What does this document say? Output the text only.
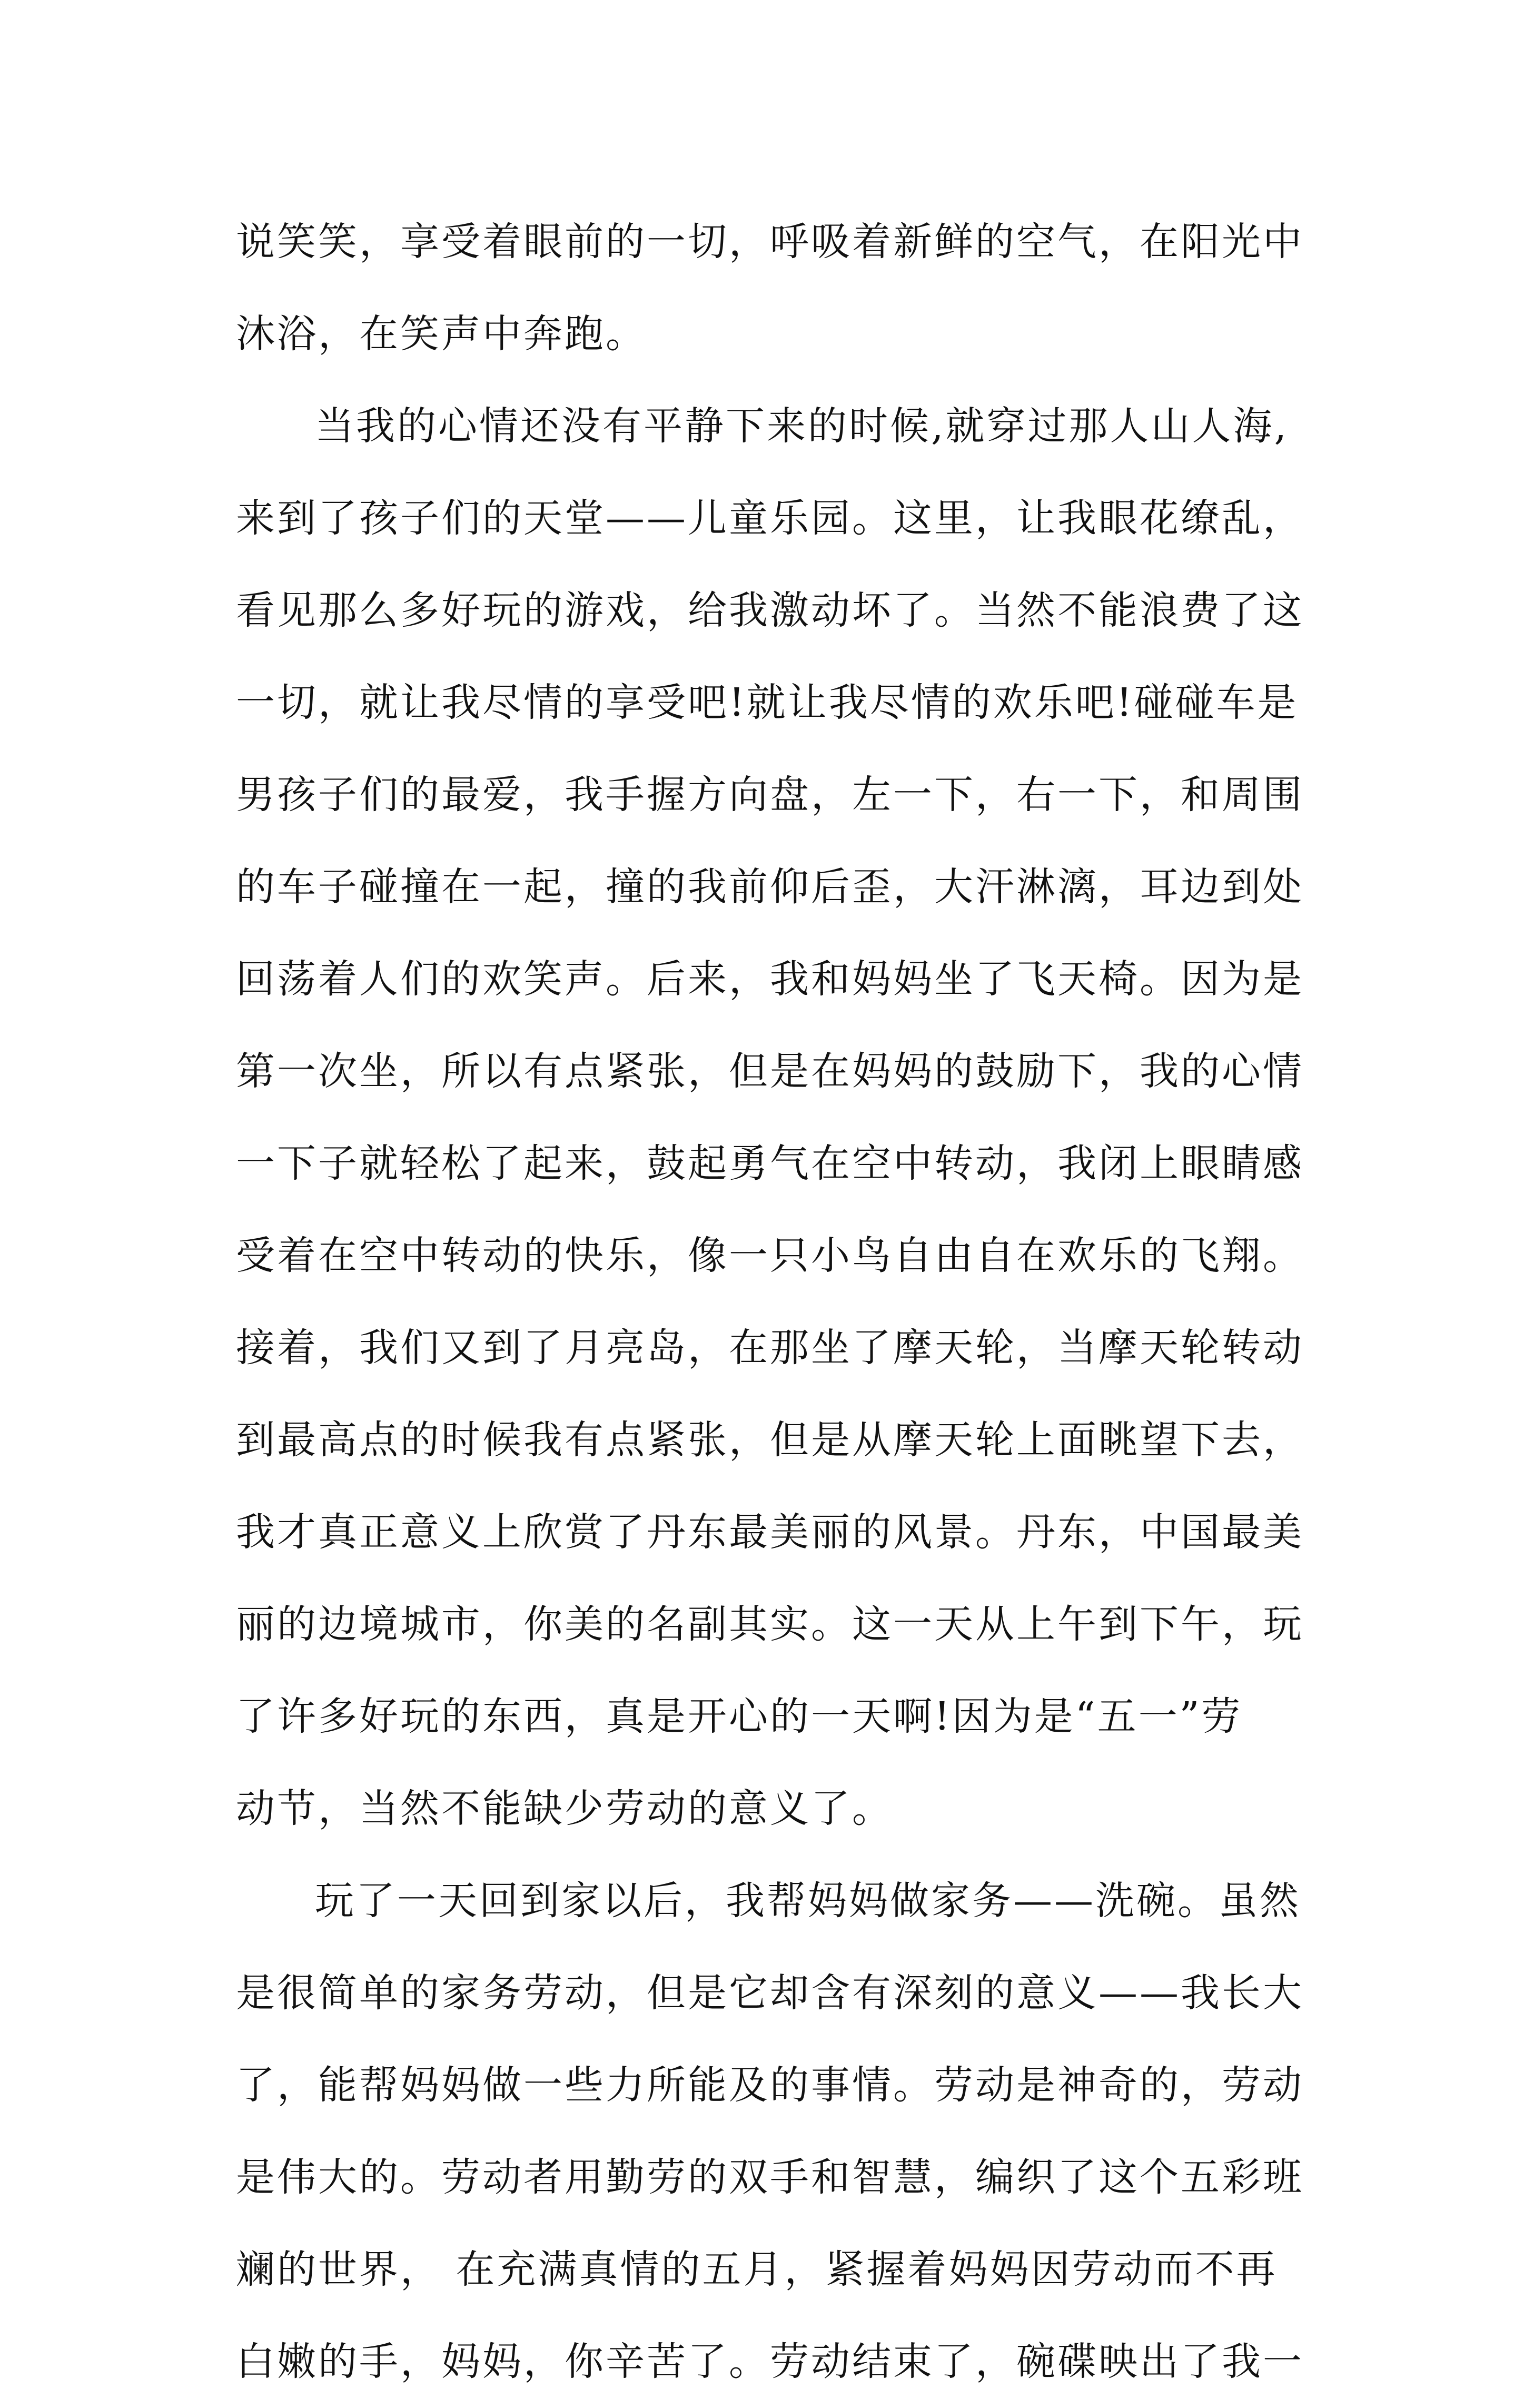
说笑笑，享受着眼前的一切，呼吸着新鲜的空气，在阳光中
沐浴，在笑声中奔跑。
当我的心情还没有平静下来的时候,就穿过那人山人海,
来到了孩子们的天堂——儿童乐园。这里，让我眼花缭乱，
看见那么多好玩的游戏，给我激动坏了。当然不能浪费了这
一切，就让我尽情的享受吧!就让我尽情的欢乐吧!碰碰车是
男孩子们的最爱，我手握方向盘，左一下，右一下，和周围
的车子碰撞在一起，撞的我前仰后歪，大汗淋漓，耳边到处
回荡着人们的欢笑声。后来，我和妈妈坐了飞天椅。因为是
第一次坐，所以有点紧张，但是在妈妈的鼓励下，我的心情
一下子就轻松了起来，鼓起勇气在空中转动，我闭上眼睛感
受着在空中转动的快乐，像一只小鸟自由自在欢乐的飞翔。
接着，我们又到了月亮岛，在那坐了摩天轮，当摩天轮转动
到最高点的时候我有点紧张，但是从摩天轮上面眺望下去，
我才真正意义上欣赏了丹东最美丽的风景。丹东，中国最美
丽的边境城市，你美的名副其实。这一天从上午到下午，玩
了许多好玩的东西，真是开心的一天啊!因为是“五一”劳
动节，当然不能缺少劳动的意义了。
玩了一天回到家以后，我帮妈妈做家务——洗碗。虽然
是很简单的家务劳动，但是它却含有深刻的意义——我长大
了，能帮妈妈做一些力所能及的事情。劳动是神奇的，劳动
是伟大的。劳动者用勤劳的双手和智慧，编织了这个五彩班
斓的世界， 在充满真情的五月，紧握着妈妈因劳动而不再
白嫩的手，妈妈，你辛苦了。劳动结束了，碗碟映出了我一
